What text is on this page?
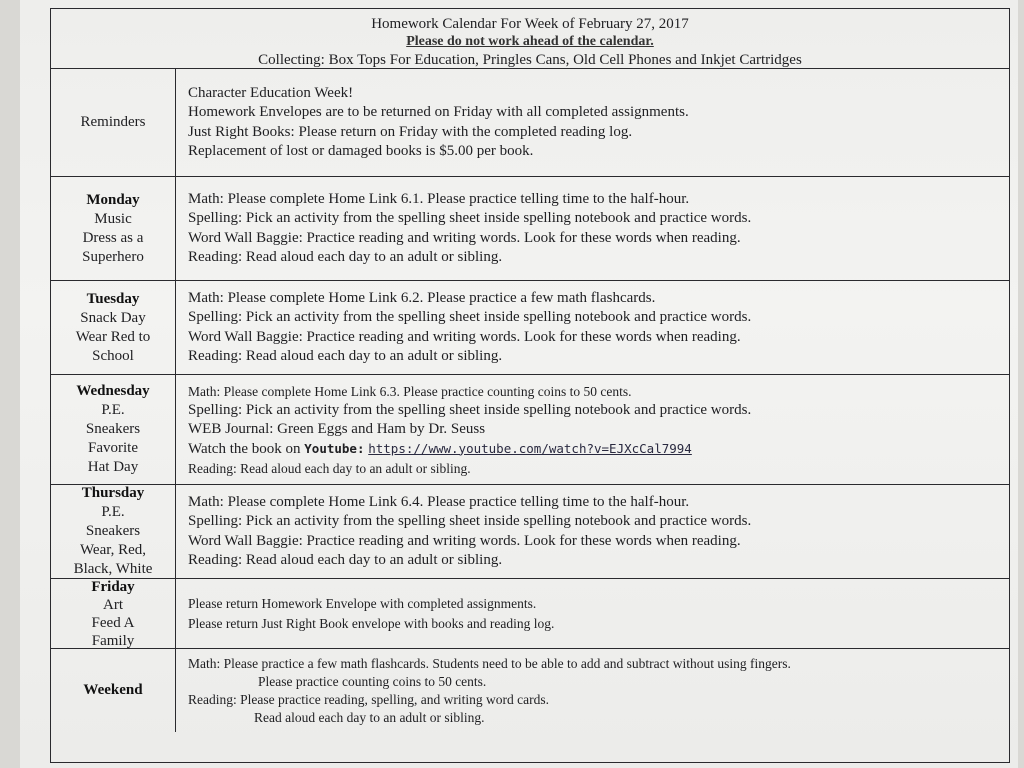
Homework Calendar For Week of February 27, 2017
Please do not work ahead of the calendar.
Collecting: Box Tops For Education, Pringles Cans, Old Cell Phones and Inkjet Cartridges
Reminders
Character Education Week!
Homework Envelopes are to be returned on Friday with all completed assignments.
Just Right Books: Please return on Friday with the completed reading log.
Replacement of lost or damaged books is $5.00 per book.
Monday
Music
Dress as a
Superhero
Math: Please complete Home Link 6.1. Please practice telling time to the half-hour.
Spelling: Pick an activity from the spelling sheet inside spelling notebook and practice words.
Word Wall Baggie: Practice reading and writing words. Look for these words when reading.
Reading: Read aloud each day to an adult or sibling.
Tuesday
Snack Day
Wear Red to
School
Math: Please complete Home Link 6.2. Please practice a few math flashcards.
Spelling: Pick an activity from the spelling sheet inside spelling notebook and practice words.
Word Wall Baggie: Practice reading and writing words. Look for these words when reading.
Reading: Read aloud each day to an adult or sibling.
Wednesday
P.E.
Sneakers
Favorite
Hat Day
Math: Please complete Home Link 6.3. Please practice counting coins to 50 cents.
Spelling: Pick an activity from the spelling sheet inside spelling notebook and practice words.
WEB Journal: Green Eggs and Ham by Dr. Seuss
Watch the book on Youtube: https://www.youtube.com/watch?v=EJXcCal7994
Reading: Read aloud each day to an adult or sibling.
Thursday
P.E.
Sneakers
Wear, Red,
Black, White
Math: Please complete Home Link 6.4. Please practice telling time to the half-hour.
Spelling: Pick an activity from the spelling sheet inside spelling notebook and practice words.
Word Wall Baggie: Practice reading and writing words. Look for these words when reading.
Reading: Read aloud each day to an adult or sibling.
Friday
Art
Feed A
Family
Please return Homework Envelope with completed assignments.
Please return Just Right Book envelope with books and reading log.
Weekend
Math: Please practice a few math flashcards. Students need to be able to add and subtract without using fingers.
Please practice counting coins to 50 cents.
Reading: Please practice reading, spelling, and writing word cards.
Read aloud each day to an adult or sibling.
